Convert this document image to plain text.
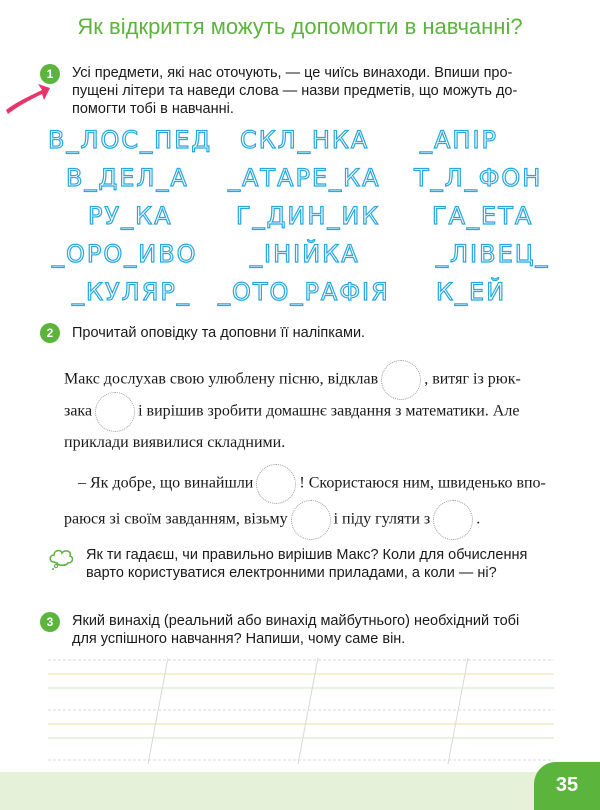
Як відкриття можуть допомогти в навчанні?
1	Усі предмети, які нас оточують, — це чиїсь винаходи. Впиши про-
пущені літери та наведи слова — назви предметів, що можуть до-
помогти тобі в навчанні.
В_ЛОС_ПЕД СКЛ_НКА _АПІР
В_ДЕЛ_А _АТАРЕ_КА Т_Л_ФОН
РУ_КА	Г_ДИН_ИК ГА_ЕТА
_ОРО_ИВО _ІНІЙКА	_ЛІВЕЦ_
_КУЛЯР_ _ОТО_РАФІЯ К_ЕЙ
2	Прочитай оповідку та доповни її наліпками.
Макс дослухав свою улюблену пісню, відклав	, витяг із рюк-
зака	і вирішив зробити домашнє завдання з математики. Але
приклади виявилися складними.
– Як добре, що винайшли	! Скористаюся ним, швиденько впо-
раюся зі своїм завданням, візьму	і піду гуляти з	.
Як ти гадаєш, чи правильно вирішив Макс? Коли для обчислення
варто користуватися електронними приладами, а коли — ні?
3	Який винахід (реальний або винахід майбутнього) необхідний тобі
для успішного навчання? Напиши, чому саме він.
35
